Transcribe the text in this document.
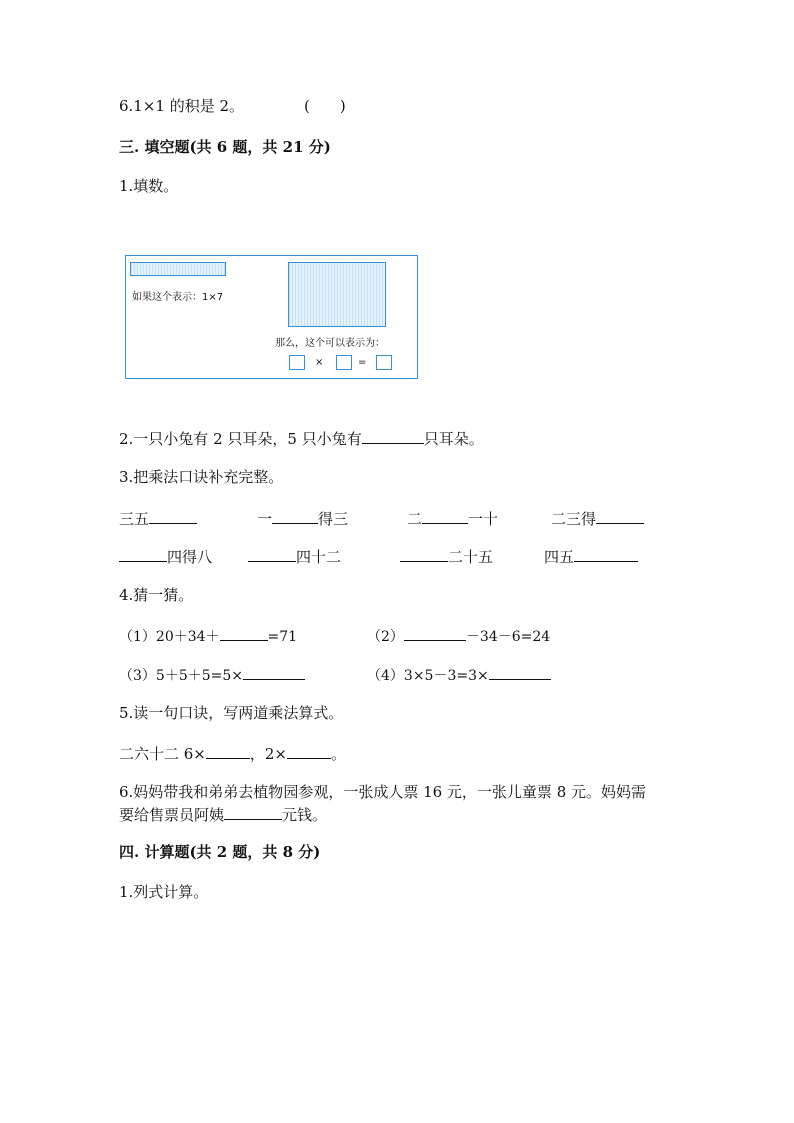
6.1×1 的积是 2。	(　　)
三. 填空题(共 6 题，共 21 分)
1.填数。
如果这个表示：1×7
那么，这个可以表示为：
×	=
2.一只小兔有 2 只耳朵，5 只小兔有	只耳朵。
3.把乘法口诀补充完整。
三五	一	得三	二	一十	二三得
四得八	四十二	二十五	四五
4.猜一猜。
（1）20＋34＋	=71	（2）	－34－6=24
（3）5＋5＋5=5×	（4）3×5－3=3×
5.读一句口诀，写两道乘法算式。
二六十二 6×	，2×	。
6.妈妈带我和弟弟去植物园参观，一张成人票 16 元，一张儿童票 8 元。妈妈需
要给售票员阿姨	元钱。
四. 计算题(共 2 题，共 8 分)
1.列式计算。
